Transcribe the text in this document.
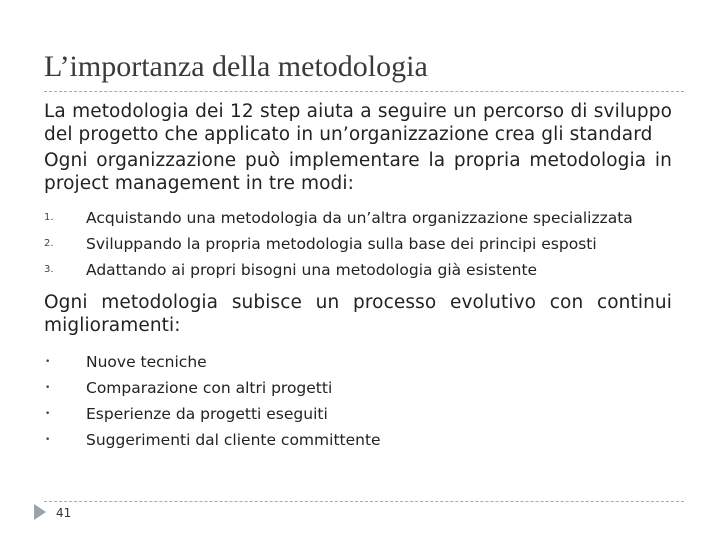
L’importanza della metodologia

La metodologia dei 12 step aiuta a seguire un percorso di sviluppo del progetto che applicato in un’organizzazione crea gli standard

Ogni organizzazione può implementare la propria metodologia in project management in tre modi:

1. Acquistando una metodologia da un’altra organizzazione specializzata
2. Sviluppando la propria metodologia sulla base dei principi esposti
3. Adattando ai propri bisogni una metodologia già esistente

Ogni metodologia subisce un processo evolutivo con continui miglioramenti:

• Nuove tecniche
• Comparazione con altri progetti
• Esperienze da progetti eseguiti
• Suggerimenti dal cliente committente
41
